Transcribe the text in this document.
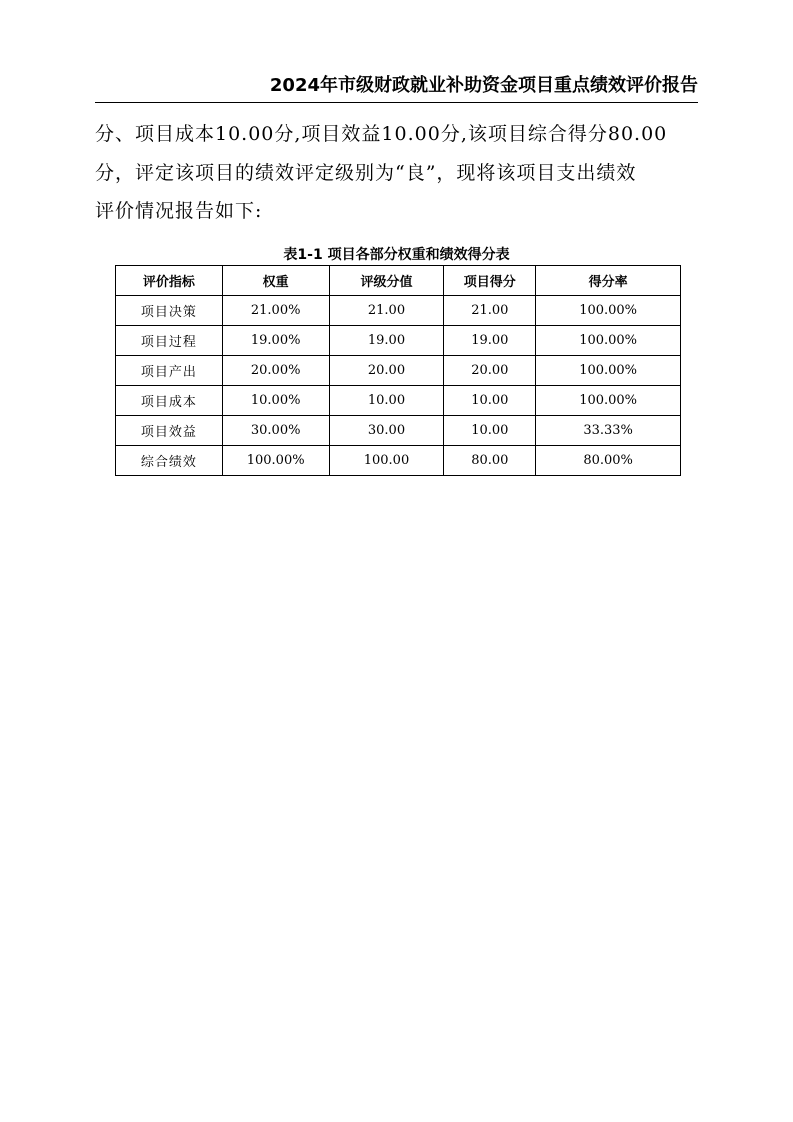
2024年市级财政就业补助资金项目重点绩效评价报告
分、项目成本10.00分,项目效益10.00分,该项目综合得分80.00
分，评定该项目的绩效评定级别为“良”，现将该项目支出绩效
评价情况报告如下:
表1-1 项目各部分权重和绩效得分表
评价指标	权重	评级分值	项目得分	得分率
项目决策	21.00%	21.00	21.00	100.00%
项目过程	19.00%	19.00	19.00	100.00%
项目产出	20.00%	20.00	20.00	100.00%
项目成本	10.00%	10.00	10.00	100.00%
项目效益	30.00%	30.00	10.00	33.33%
综合绩效	100.00%	100.00	80.00	80.00%
